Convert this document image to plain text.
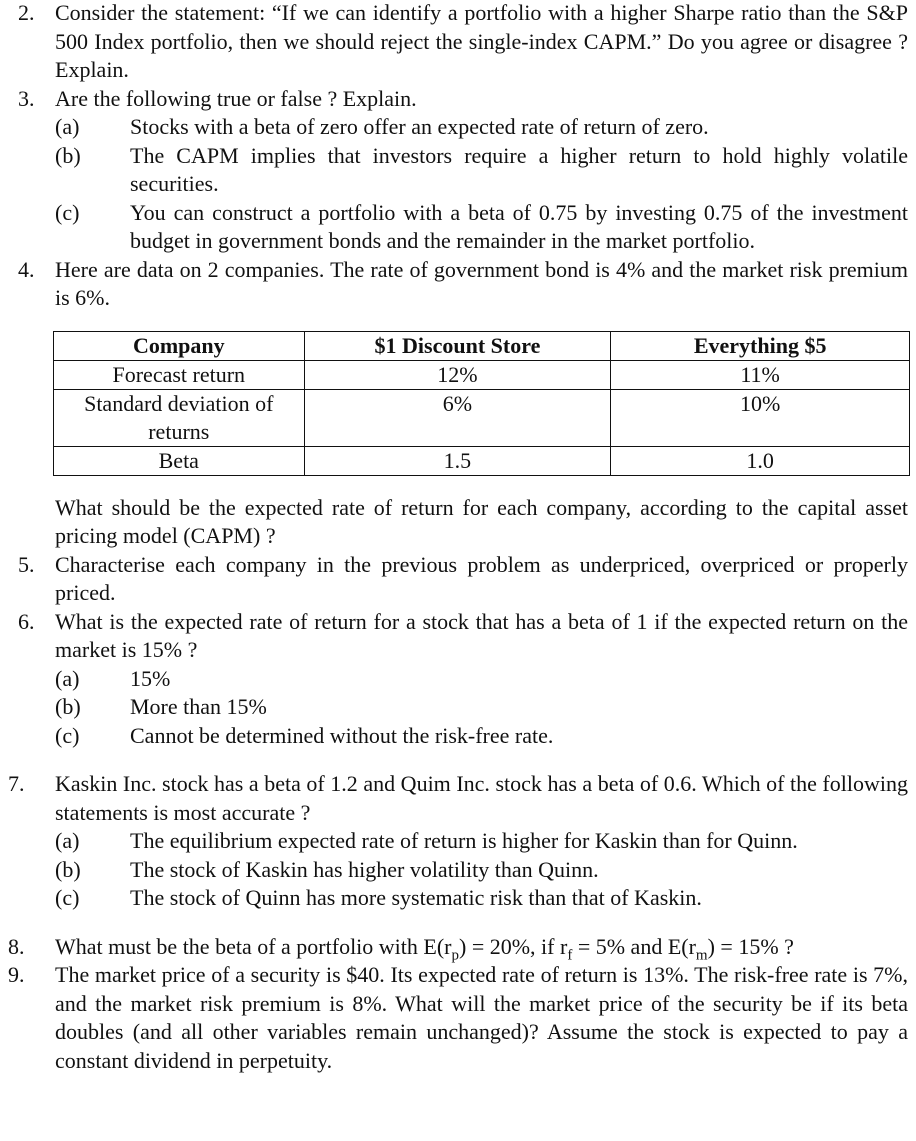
2. Consider the statement: “If we can identify a portfolio with a higher Sharpe ratio than the S&P 500 Index portfolio, then we should reject the single-index CAPM.” Do you agree or disagree ? Explain.
3. Are the following true or false ? Explain.
(a) Stocks with a beta of zero offer an expected rate of return of zero.
(b) The CAPM implies that investors require a higher return to hold highly volatile securities.
(c) You can construct a portfolio with a beta of 0.75 by investing 0.75 of the investment budget in government bonds and the remainder in the market portfolio.
4. Here are data on 2 companies. The rate of government bond is 4% and the market risk premium is 6%.
Company	$1 Discount Store	Everything $5
Forecast return	12%	11%
Standard deviation of returns	6%	10%
Beta	1.5	1.0
What should be the expected rate of return for each company, according to the capital asset pricing model (CAPM) ?
5. Characterise each company in the previous problem as underpriced, overpriced or properly priced.
6. What is the expected rate of return for a stock that has a beta of 1 if the expected return on the market is 15% ?
(a) 15%
(b) More than 15%
(c) Cannot be determined without the risk-free rate.
7. Kaskin Inc. stock has a beta of 1.2 and Quim Inc. stock has a beta of 0.6. Which of the following statements is most accurate ?
(a) The equilibrium expected rate of return is higher for Kaskin than for Quinn.
(b) The stock of Kaskin has higher volatility than Quinn.
(c) The stock of Quinn has more systematic risk than that of Kaskin.
8. What must be the beta of a portfolio with $E(r_p) = 20\%$, if $r_f = 5\%$ and $E(r_m) = 15\%$ ?
9. The market price of a security is $40. Its expected rate of return is 13%. The risk-free rate is 7%, and the market risk premium is 8%. What will the market price of the security be if its beta doubles (and all other variables remain unchanged)? Assume the stock is expected to pay a constant dividend in perpetuity.
